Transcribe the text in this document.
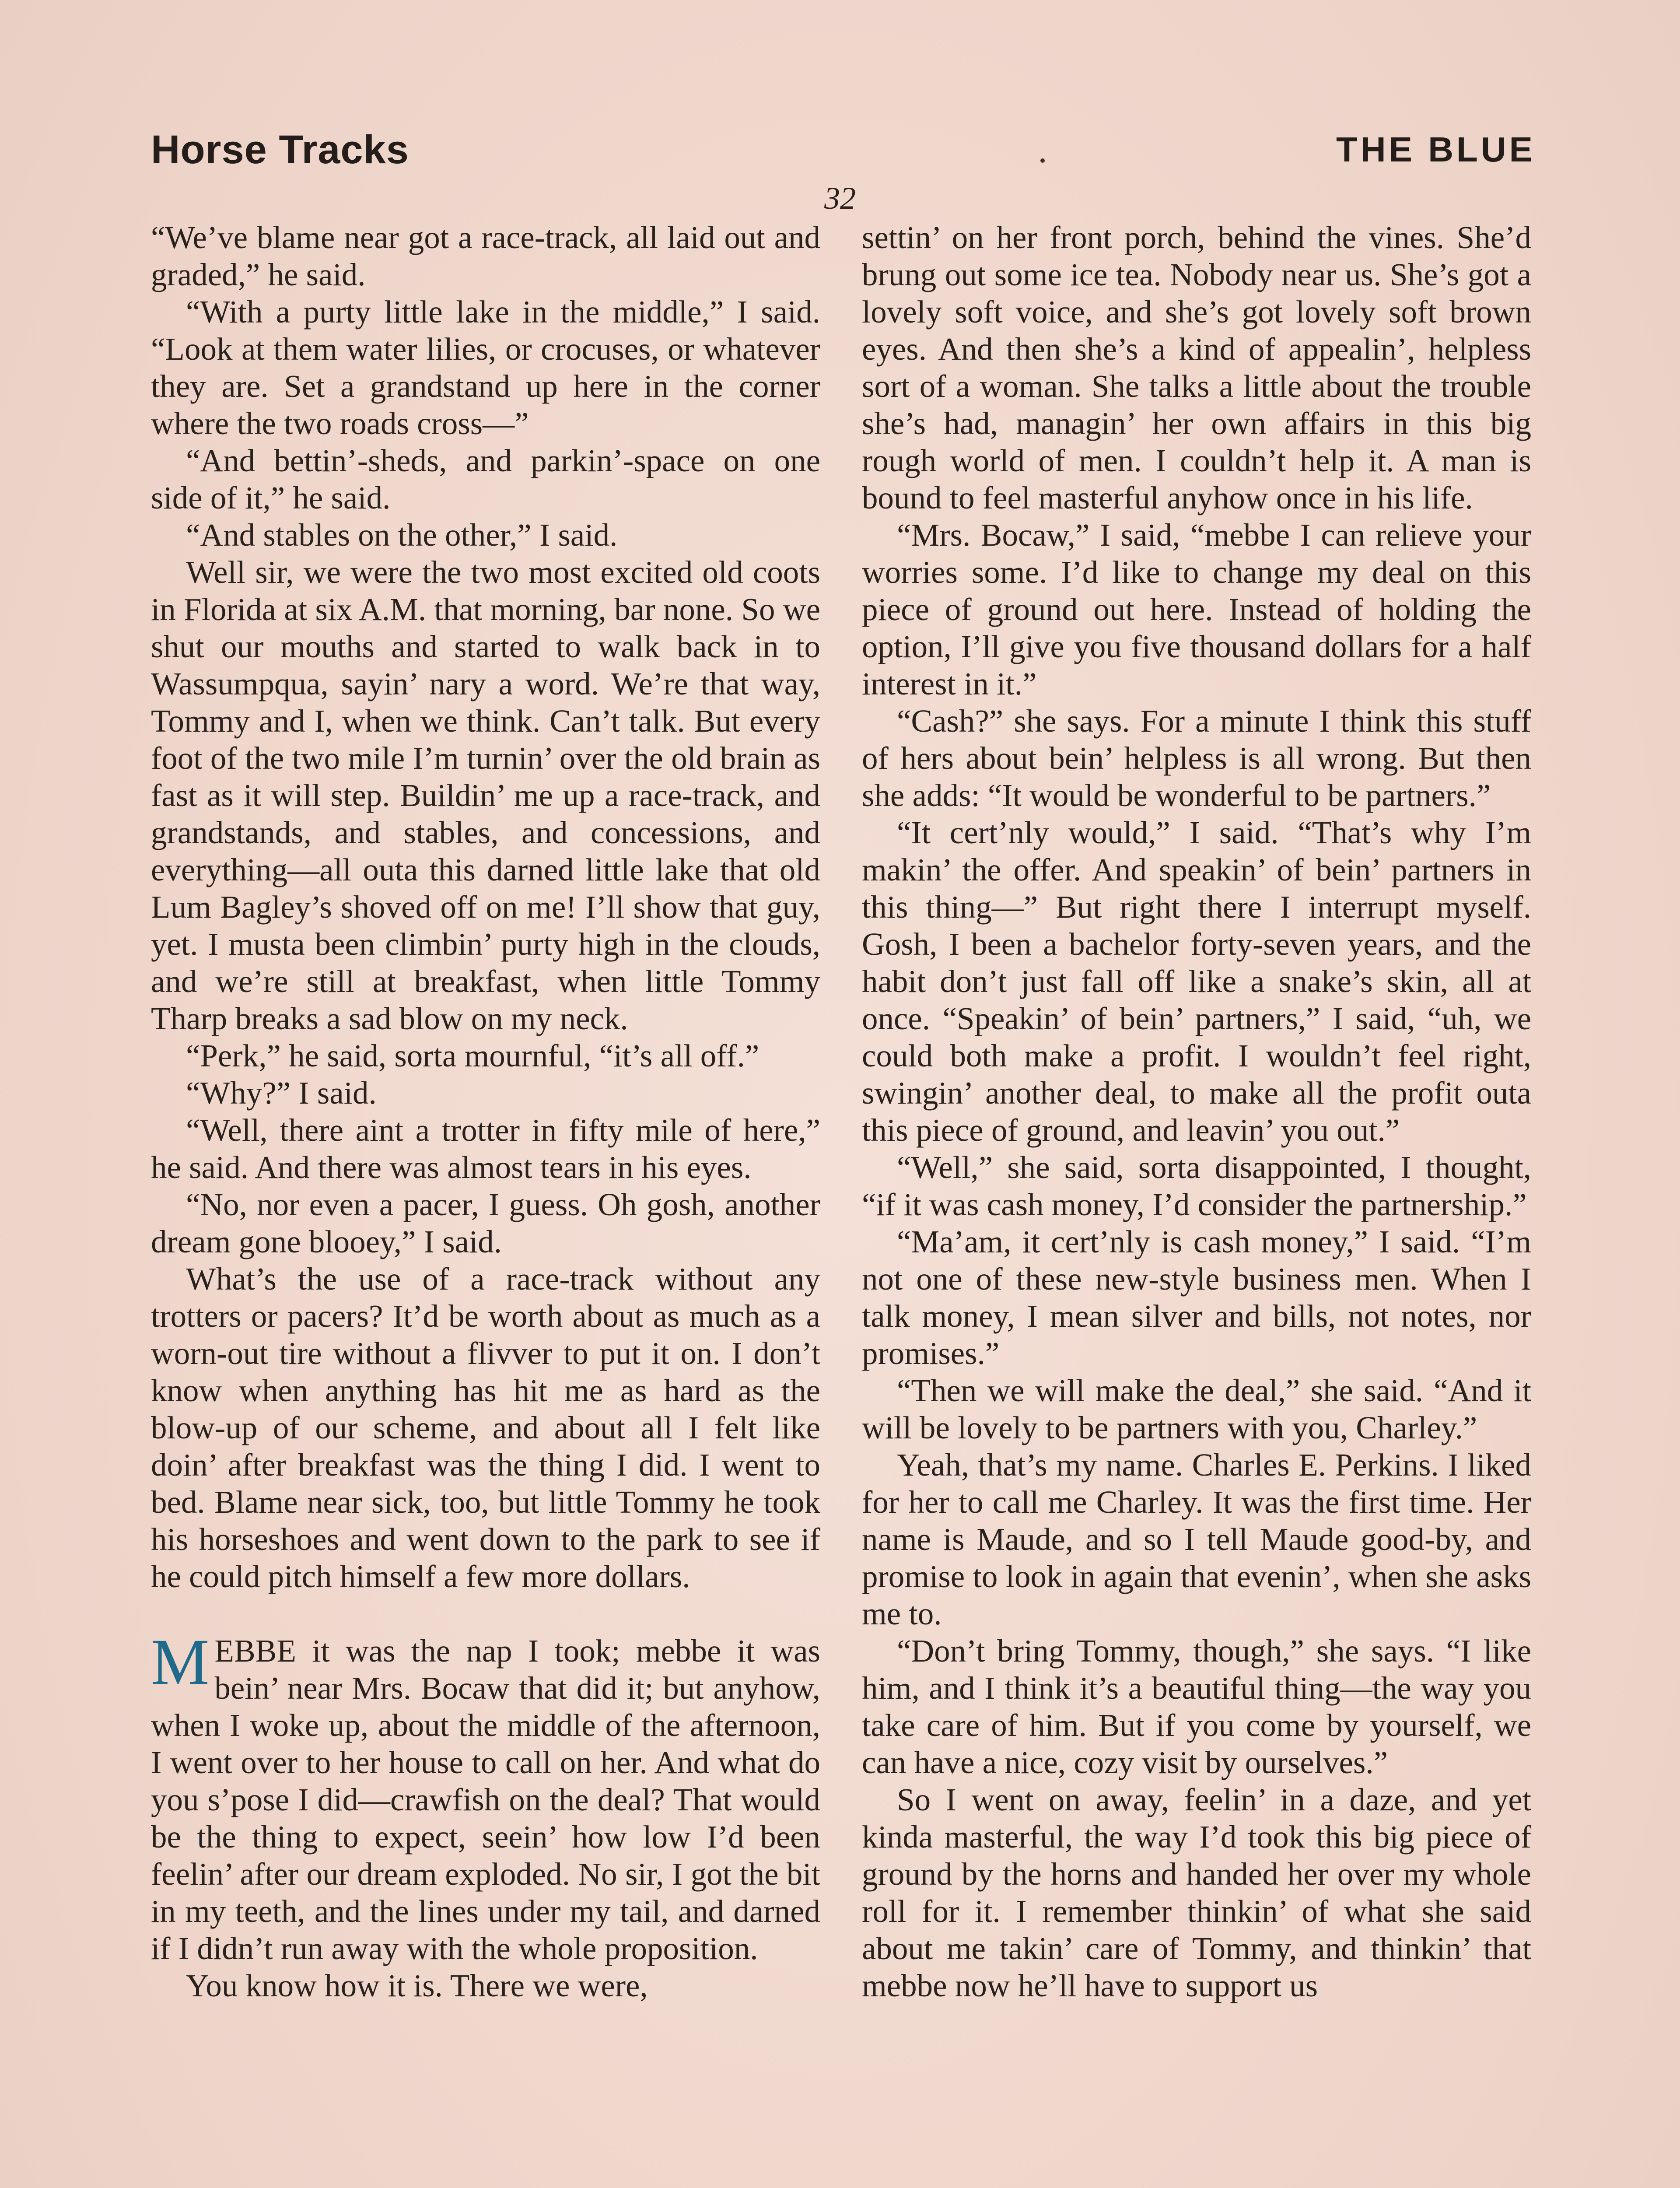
Horse Tracks	THE BLUE
32

“We’ve blame near got a race-track, all laid out and graded,” he said.

“With a purty little lake in the middle,” I said. “Look at them water lilies, or crocuses, or whatever they are. Set a grandstand up here in the corner where the two roads cross—”

“And bettin’-sheds, and parkin’-space on one side of it,” he said.

“And stables on the other,” I said.

Well sir, we were the two most excited old coots in Florida at six A.M. that morning, bar none. So we shut our mouths and started to walk back in to Wassumpqua, sayin’ nary a word. We’re that way, Tommy and I, when we think. Can’t talk. But every foot of the two mile I’m turnin’ over the old brain as fast as it will step. Buildin’ me up a race-track, and grandstands, and stables, and concessions, and everything—all outa this darned little lake that old Lum Bagley’s shoved off on me! I’ll show that guy, yet. I musta been climbin’ purty high in the clouds, and we’re still at breakfast, when little Tommy Tharp breaks a sad blow on my neck.

“Perk,” he said, sorta mournful, “it’s all off.”

“Why?” I said.

“Well, there aint a trotter in fifty mile of here,” he said. And there was almost tears in his eyes.

“No, nor even a pacer, I guess. Oh gosh, another dream gone blooey,” I said.

What’s the use of a race-track without any trotters or pacers? It’d be worth about as much as a worn-out tire without a flivver to put it on. I don’t know when anything has hit me as hard as the blow-up of our scheme, and about all I felt like doin’ after breakfast was the thing I did. I went to bed. Blame near sick, too, but little Tommy he took his horseshoes and went down to the park to see if he could pitch himself a few more dollars.

MEBBE it was the nap I took; mebbe it was bein’ near Mrs. Bocaw that did it; but anyhow, when I woke up, about the middle of the afternoon, I went over to her house to call on her. And what do you s’pose I did—crawfish on the deal? That would be the thing to expect, seein’ how low I’d been feelin’ after our dream exploded. No sir, I got the bit in my teeth, and the lines under my tail, and darned if I didn’t run away with the whole proposition.

You know how it is. There we were,

settin’ on her front porch, behind the vines. She’d brung out some ice tea. Nobody near us. She’s got a lovely soft voice, and she’s got lovely soft brown eyes. And then she’s a kind of appealin’, helpless sort of a woman. She talks a little about the trouble she’s had, managin’ her own affairs in this big rough world of men. I couldn’t help it. A man is bound to feel masterful anyhow once in his life.

“Mrs. Bocaw,” I said, “mebbe I can relieve your worries some. I’d like to change my deal on this piece of ground out here. Instead of holding the option, I’ll give you five thousand dollars for a half interest in it.”

“Cash?” she says. For a minute I think this stuff of hers about bein’ helpless is all wrong. But then she adds: “It would be wonderful to be partners.”

“It cert’nly would,” I said. “That’s why I’m makin’ the offer. And speakin’ of bein’ partners in this thing—” But right there I interrupt myself. Gosh, I been a bachelor forty-seven years, and the habit don’t just fall off like a snake’s skin, all at once. “Speakin’ of bein’ partners,” I said, “uh, we could both make a profit. I wouldn’t feel right, swingin’ another deal, to make all the profit outa this piece of ground, and leavin’ you out.”

“Well,” she said, sorta disappointed, I thought, “if it was cash money, I’d consider the partnership.”

“Ma’am, it cert’nly is cash money,” I said. “I’m not one of these new-style business men. When I talk money, I mean silver and bills, not notes, nor promises.”

“Then we will make the deal,” she said. “And it will be lovely to be partners with you, Charley.”

Yeah, that’s my name. Charles E. Perkins. I liked for her to call me Charley. It was the first time. Her name is Maude, and so I tell Maude good-by, and promise to look in again that evenin’, when she asks me to.

“Don’t bring Tommy, though,” she says. “I like him, and I think it’s a beautiful thing—the way you take care of him. But if you come by yourself, we can have a nice, cozy visit by ourselves.”

So I went on away, feelin’ in a daze, and yet kinda masterful, the way I’d took this big piece of ground by the horns and handed her over my whole roll for it. I remember thinkin’ of what she said about me takin’ care of Tommy, and thinkin’ that mebbe now he’ll have to support us
